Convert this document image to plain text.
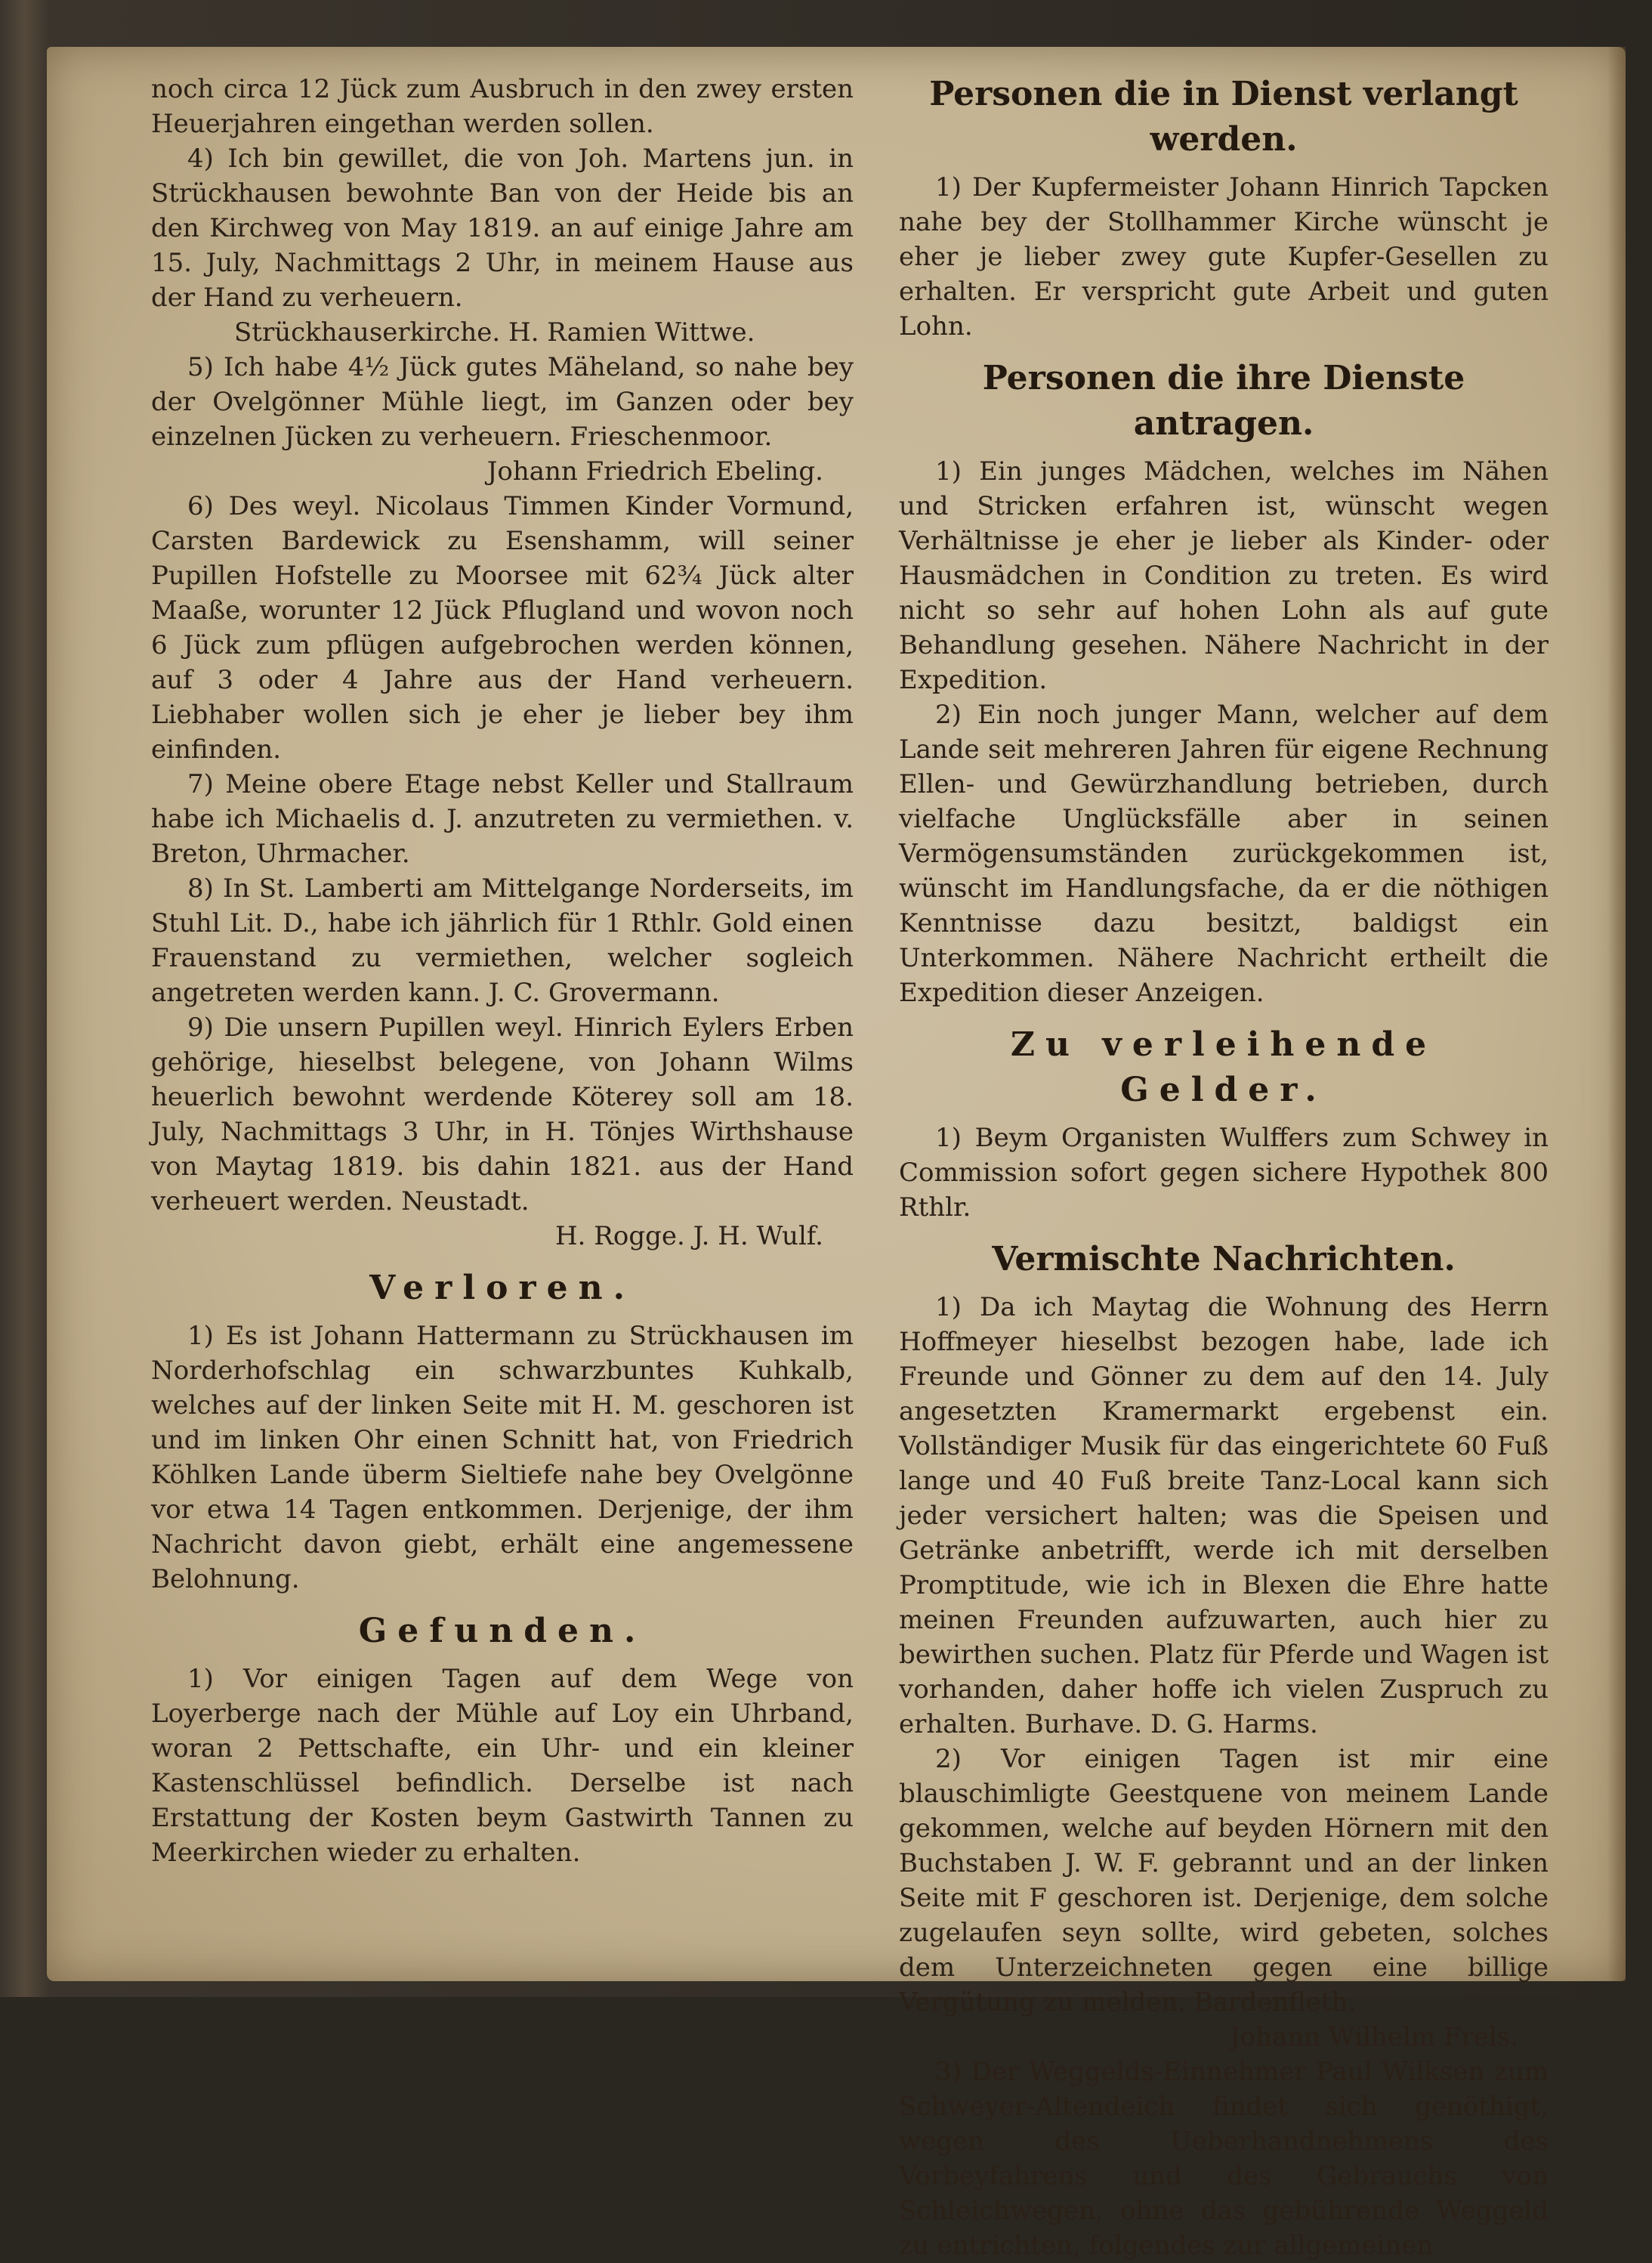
noch circa 12 Jück zum Ausbruch in den zwey ersten Heuerjahren eingethan werden sollen.
4) Ich bin gewillet, die von Joh. Martens jun. in Strückhausen bewohnte Ban von der Heide bis an den Kirchweg von May 1819. an auf einige Jahre am 15. July, Nachmittags 2 Uhr, in meinem Hause aus der Hand zu verheuern.
Strückhauserkirche. H. Ramien Wittwe.
5) Ich habe 4½ Jück gutes Mäheland, so nahe bey der Ovelgönner Mühle liegt, im Ganzen oder bey einzelnen Jücken zu verheuern. Frieschenmoor.
Johann Friedrich Ebeling.
6) Des weyl. Nicolaus Timmen Kinder Vormund, Carsten Bardewick zu Esenshamm, will seiner Pupillen Hofstelle zu Moorsee mit 62¾ Jück alter Maaße, worunter 12 Jück Pflugland und wovon noch 6 Jück zum pflügen aufgebrochen werden können, auf 3 oder 4 Jahre aus der Hand verheuern. Liebhaber wollen sich je eher je lieber bey ihm einfinden.
7) Meine obere Etage nebst Keller und Stallraum habe ich Michaelis d. J. anzutreten zu vermiethen. v. Breton, Uhrmacher.
8) In St. Lamberti am Mittelgange Norderseits, im Stuhl Lit. D., habe ich jährlich für 1 Rthlr. Gold einen Frauenstand zu vermiethen, welcher sogleich angetreten werden kann. J. C. Grovermann.
9) Die unsern Pupillen weyl. Hinrich Eylers Erben gehörige, hieselbst belegene, von Johann Wilms heuerlich bewohnt werdende Köterey soll am 18. July, Nachmittags 3 Uhr, in H. Tönjes Wirthshause von Maytag 1819. bis dahin 1821. aus der Hand verheuert werden. Neustadt.
H. Rogge. J. H. Wulf.
Verloren.
1) Es ist Johann Hattermann zu Strückhausen im Norderhofschlag ein schwarzbuntes Kuhkalb, welches auf der linken Seite mit H. M. geschoren ist und im linken Ohr einen Schnitt hat, von Friedrich Köhlken Lande überm Sieltiefe nahe bey Ovelgönne vor etwa 14 Tagen entkommen. Derjenige, der ihm Nachricht davon giebt, erhält eine angemessene Belohnung.
Gefunden.
1) Vor einigen Tagen auf dem Wege von Loyerberge nach der Mühle auf Loy ein Uhrband, woran 2 Pettschafte, ein Uhr- und ein kleiner Kastenschlüssel befindlich. Derselbe ist nach Erstattung der Kosten beym Gastwirth Tannen zu Meerkirchen wieder zu erhalten.
Personen die in Dienst verlangt werden.
1) Der Kupfermeister Johann Hinrich Tapcken nahe bey der Stollhammer Kirche wünscht je eher je lieber zwey gute Kupfer-Gesellen zu erhalten. Er verspricht gute Arbeit und guten Lohn.
Personen die ihre Dienste antragen.
1) Ein junges Mädchen, welches im Nähen und Stricken erfahren ist, wünscht wegen Verhältnisse je eher je lieber als Kinder- oder Hausmädchen in Condition zu treten. Es wird nicht so sehr auf hohen Lohn als auf gute Behandlung gesehen. Nähere Nachricht in der Expedition.
2) Ein noch junger Mann, welcher auf dem Lande seit mehreren Jahren für eigene Rechnung Ellen- und Gewürzhandlung betrieben, durch vielfache Unglücksfälle aber in seinen Vermögensumständen zurückgekommen ist, wünscht im Handlungsfache, da er die nöthigen Kenntnisse dazu besitzt, baldigst ein Unterkommen. Nähere Nachricht ertheilt die Expedition dieser Anzeigen.
Zu verleihende Gelder.
1) Beym Organisten Wulffers zum Schwey in Commission sofort gegen sichere Hypothek 800 Rthlr.
Vermischte Nachrichten.
1) Da ich Maytag die Wohnung des Herrn Hoffmeyer hieselbst bezogen habe, lade ich Freunde und Gönner zu dem auf den 14. July angesetzten Kramermarkt ergebenst ein. Vollständiger Musik für das eingerichtete 60 Fuß lange und 40 Fuß breite Tanz-Local kann sich jeder versichert halten; was die Speisen und Getränke anbetrifft, werde ich mit derselben Promptitude, wie ich in Blexen die Ehre hatte meinen Freunden aufzuwarten, auch hier zu bewirthen suchen. Platz für Pferde und Wagen ist vorhanden, daher hoffe ich vielen Zuspruch zu erhalten. Burhave. D. G. Harms.
2) Vor einigen Tagen ist mir eine blauschimligte Geestquene von meinem Lande gekommen, welche auf beyden Hörnern mit den Buchstaben J. W. F. gebrannt und an der linken Seite mit F geschoren ist. Derjenige, dem solche zugelaufen seyn sollte, wird gebeten, solches dem Unterzeichneten gegen eine billige Vergütung zu melden. Bardenfleth.
Johann Wilhelm Frels.
3) Der Weggelds-Einnehmer Paul Wilksen zum Schweyer-Altendeich findet sich genöthigt, wegen des Ueberhandnehmens des Vorbeyfahrens und des Gebrauchs von Schleichwegen, ohne das gebührende Weggeld zu entrichten, folgendes zur allgemeinen
